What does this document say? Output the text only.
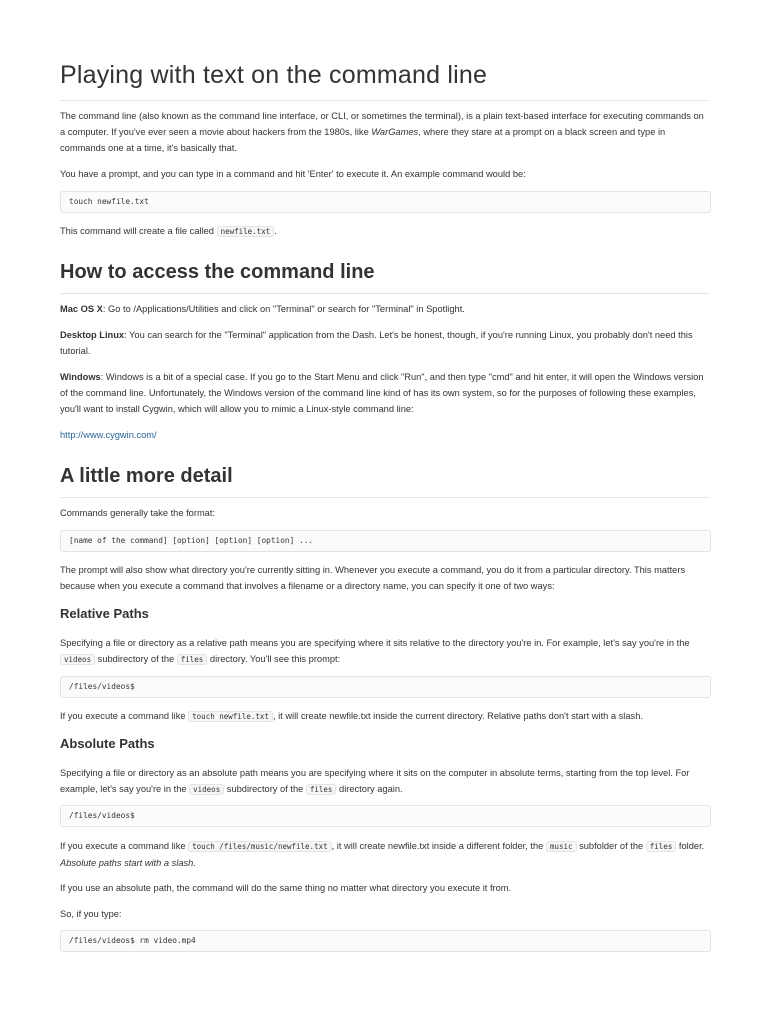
Playing with text on the command line

The command line (also known as the command line interface, or CLI, or sometimes the terminal), is a plain text-based interface for executing commands on a computer. If you've ever seen a movie about hackers from the 1980s, like WarGames, where they stare at a prompt on a black screen and type in commands one at a time, it's basically that.

You have a prompt, and you can type in a command and hit 'Enter' to execute it. An example command would be:

touch newfile.txt

This command will create a file called newfile.txt .

How to access the command line

Mac OS X: Go to /Applications/Utilities and click on "Terminal" or search for "Terminal" in Spotlight.

Desktop Linux: You can search for the "Terminal" application from the Dash. Let's be honest, though, if you're running Linux, you probably don't need this tutorial.

Windows: Windows is a bit of a special case. If you go to the Start Menu and click "Run", and then type "cmd" and hit enter, it will open the Windows version of the command line. Unfortunately, the Windows version of the command line kind of has its own system, so for the purposes of following these examples, you'll want to install Cygwin, which will allow you to mimic a Linux-style command line:

http://www.cygwin.com/

A little more detail

Commands generally take the format:

[name of the command] [option] [option] [option] ...

The prompt will also show what directory you're currently sitting in. Whenever you execute a command, you do it from a particular directory. This matters because when you execute a command that involves a filename or a directory name, you can specify it one of two ways:

Relative Paths

Specifying a file or directory as a relative path means you are specifying where it sits relative to the directory you're in. For example, let's say you're in the videos subdirectory of the files directory. You'll see this prompt:

/files/videos$

If you execute a command like touch newfile.txt , it will create newfile.txt inside the current directory. Relative paths don't start with a slash.

Absolute Paths

Specifying a file or directory as an absolute path means you are specifying where it sits on the computer in absolute terms, starting from the top level. For example, let's say you're in the videos subdirectory of the files directory again.

/files/videos$

If you execute a command like touch /files/music/newfile.txt , it will create newfile.txt inside a different folder, the music subfolder of the files folder. Absolute paths start with a slash.

If you use an absolute path, the command will do the same thing no matter what directory you execute it from.

So, if you type:

/files/videos$ rm video.mp4
